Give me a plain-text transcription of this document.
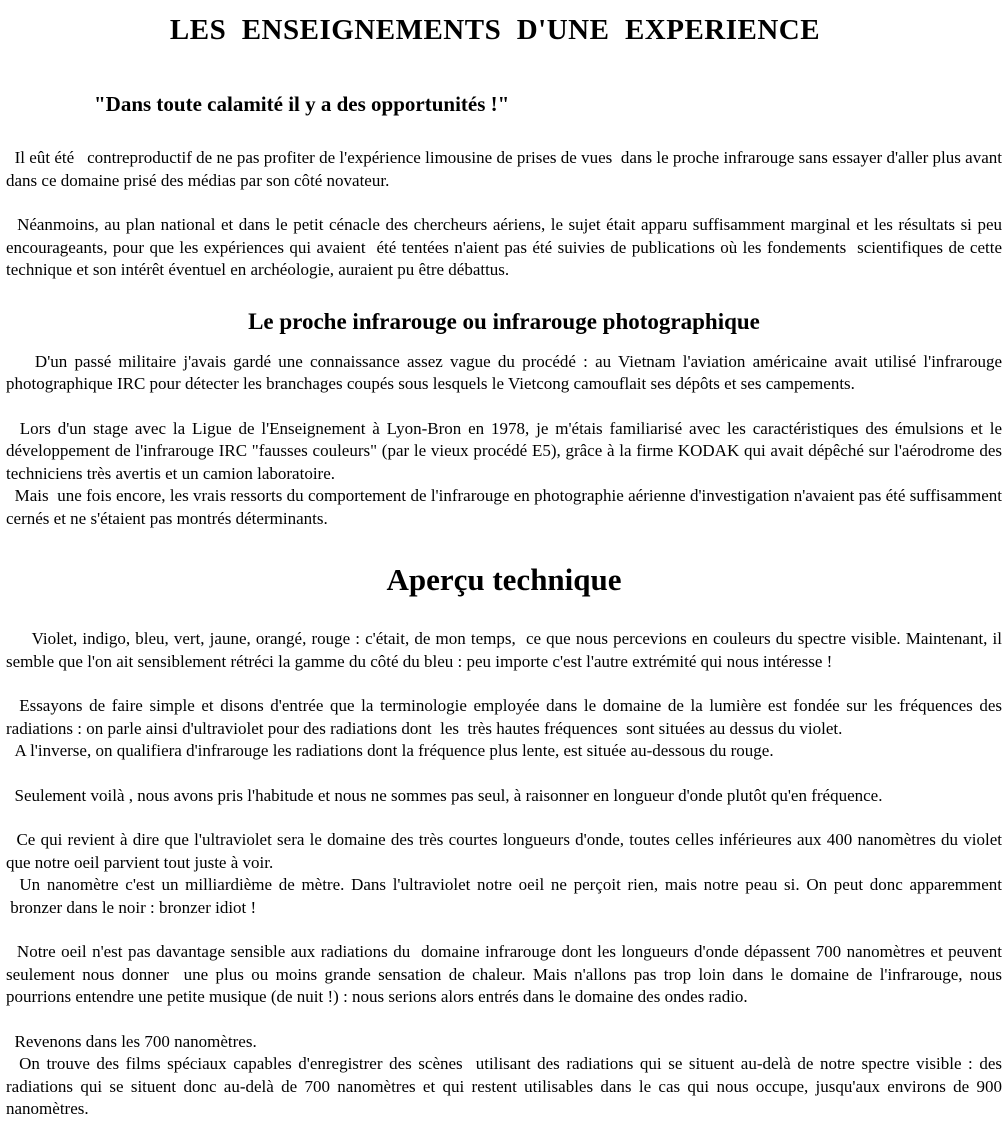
LES  ENSEIGNEMENTS  D'UNE  EXPERIENCE
"Dans toute calamité il y a des opportunités !"

Il eût été   contreproductif de ne pas profiter de l'expérience limousine de prises de vues  dans le proche infrarouge sans essayer d'aller plus avant dans ce domaine prisé des médias par son côté novateur.

Néanmoins, au plan national et dans le petit cénacle des chercheurs aériens, le sujet était apparu suffisamment marginal et les résultats si peu encourageants, pour que les expériences qui avaient  été tentées n'aient pas été suivies de publications où les fondements  scientifiques de cette technique et son intérêt éventuel en archéologie, auraient pu être débattus.

Le proche infrarouge ou infrarouge photographique

D'un passé militaire j'avais gardé une connaissance assez vague du procédé : au Vietnam l'aviation américaine avait utilisé l'infrarouge photographique IRC pour détecter les branchages coupés sous lesquels le Vietcong camouflait ses dépôts et ses campements.

Lors d'un stage avec la Ligue de l'Enseignement à Lyon-Bron en 1978, je m'étais familiarisé avec les caractéristiques des émulsions et le développement de l'infrarouge IRC "fausses couleurs" (par le vieux procédé E5), grâce à la firme KODAK qui avait dépêché sur l'aérodrome des techniciens très avertis et un camion laboratoire.

Mais  une fois encore, les vrais ressorts du comportement de l'infrarouge en photographie aérienne d'investigation n'avaient pas été suffisamment cernés et ne s'étaient pas montrés déterminants.

Aperçu technique

Violet, indigo, bleu, vert, jaune, orangé, rouge : c'était, de mon temps,  ce que nous percevions en couleurs du spectre visible. Maintenant, il semble que l'on ait sensiblement rétréci la gamme du côté du bleu : peu importe c'est l'autre extrémité qui nous intéresse !

Essayons de faire simple et disons d'entrée que la terminologie employée dans le domaine de la lumière est fondée sur les fréquences des radiations : on parle ainsi d'ultraviolet pour des radiations dont  les  très hautes fréquences  sont situées au dessus du violet.

A l'inverse, on qualifiera d'infrarouge les radiations dont la fréquence plus lente, est située au-dessous du rouge.

Seulement voilà , nous avons pris l'habitude et nous ne sommes pas seul, à raisonner en longueur d'onde plutôt qu'en fréquence.

Ce qui revient à dire que l'ultraviolet sera le domaine des très courtes longueurs d'onde, toutes celles inférieures aux 400 nanomètres du violet que notre oeil parvient tout juste à voir.

Un nanomètre c'est un milliardième de mètre. Dans l'ultraviolet notre oeil ne perçoit rien, mais notre peau si. On peut donc apparemment  bronzer dans le noir : bronzer idiot !

Notre oeil n'est pas davantage sensible aux radiations du  domaine infrarouge dont les longueurs d'onde dépassent 700 nanomètres et peuvent seulement nous donner  une plus ou moins grande sensation de chaleur. Mais n'allons pas trop loin dans le domaine de l'infrarouge, nous pourrions entendre une petite musique (de nuit !) : nous serions alors entrés dans le domaine des ondes radio.

Revenons dans les 700 nanomètres.

On trouve des films spéciaux capables d'enregistrer des scènes  utilisant des radiations qui se situent au-delà de notre spectre visible : des radiations qui se situent donc au-delà de 700 nanomètres et qui restent utilisables dans le cas qui nous occupe, jusqu'aux environs de 900 nanomètres.
